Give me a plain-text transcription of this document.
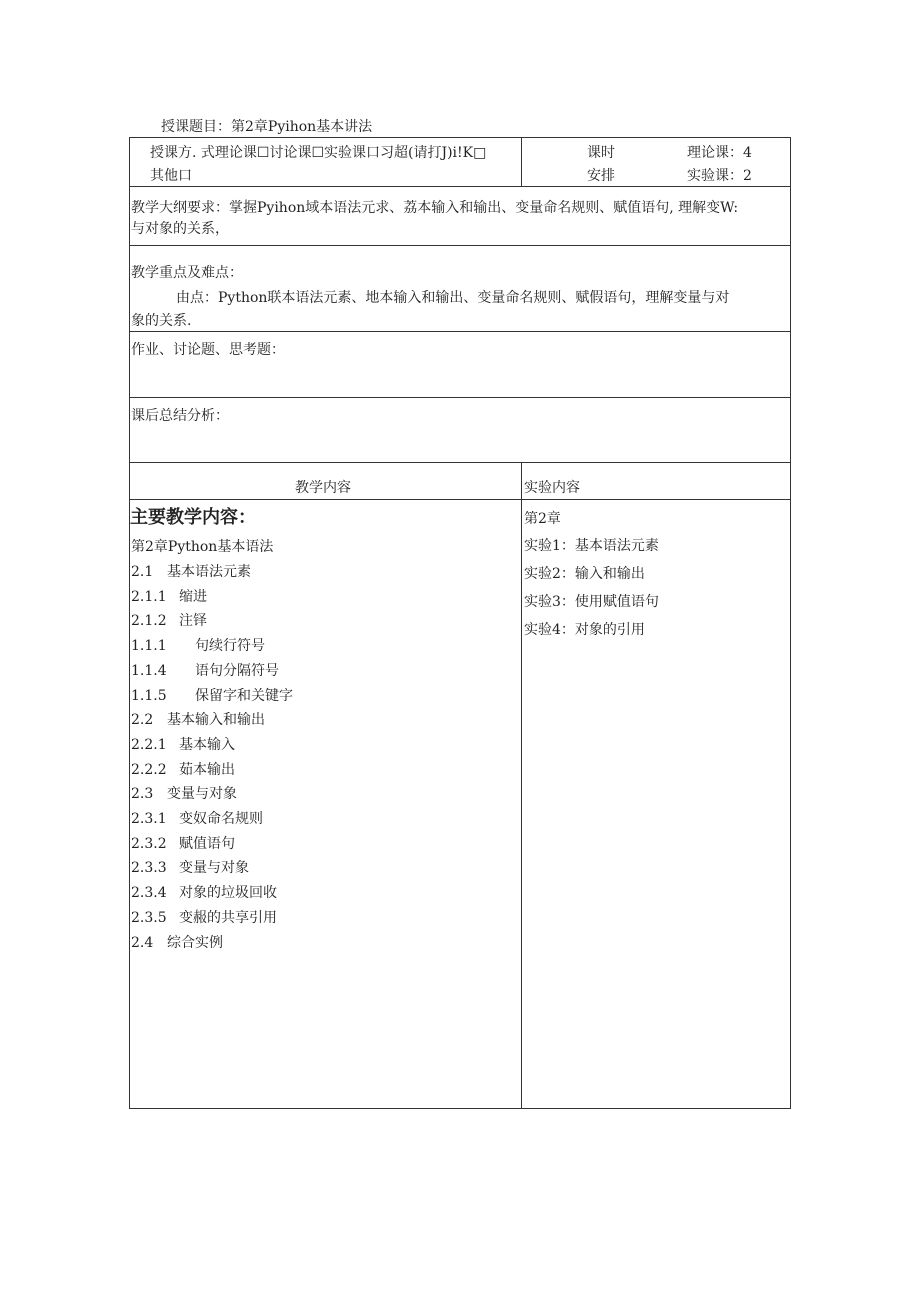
授课题目：第2章Pyihon基本讲法
授课方. 式理论课☐讨论课☐实验课口习超(请打J)i!K□
其他口
课时
安排
理论课：4
实验课：2
教学大纲要求：掌握Pyihon域本语法元求、荔本输入和输出、变量命名规则、赋值语句, 理解变W:
与对象的关系，
教学重点及难点：
由点：Python联本语法元素、地本输入和输出、变量命名规则、赋假语句，理解变量与对
象的关系.
作业、讨论题、思考题：
课后总结分析：
教学内容	实验内容
主要教学内容：
第2章Python基本语法
2.1 基本语法元素
2.1.1 缩进
2.1.2 注铎
1.1.1 句续行符号
1.1.4 语句分隔符号
1.1.5 保留字和关键字
2.2 基本输入和输出
2.2.1 基本输入
2.2.2 茹本输出
2.3 变量与对象
2.3.1 变奴命名规则
2.3.2 赋值语句
2.3.3 变量与对象
2.3.4 对象的垃圾回收
2.3.5 变赧的共享引用
2.4 综合实例
第2章
实验1：基本语法元素
实验2：输入和输出
实验3：使用赋值语句
实验4：对象的引用
